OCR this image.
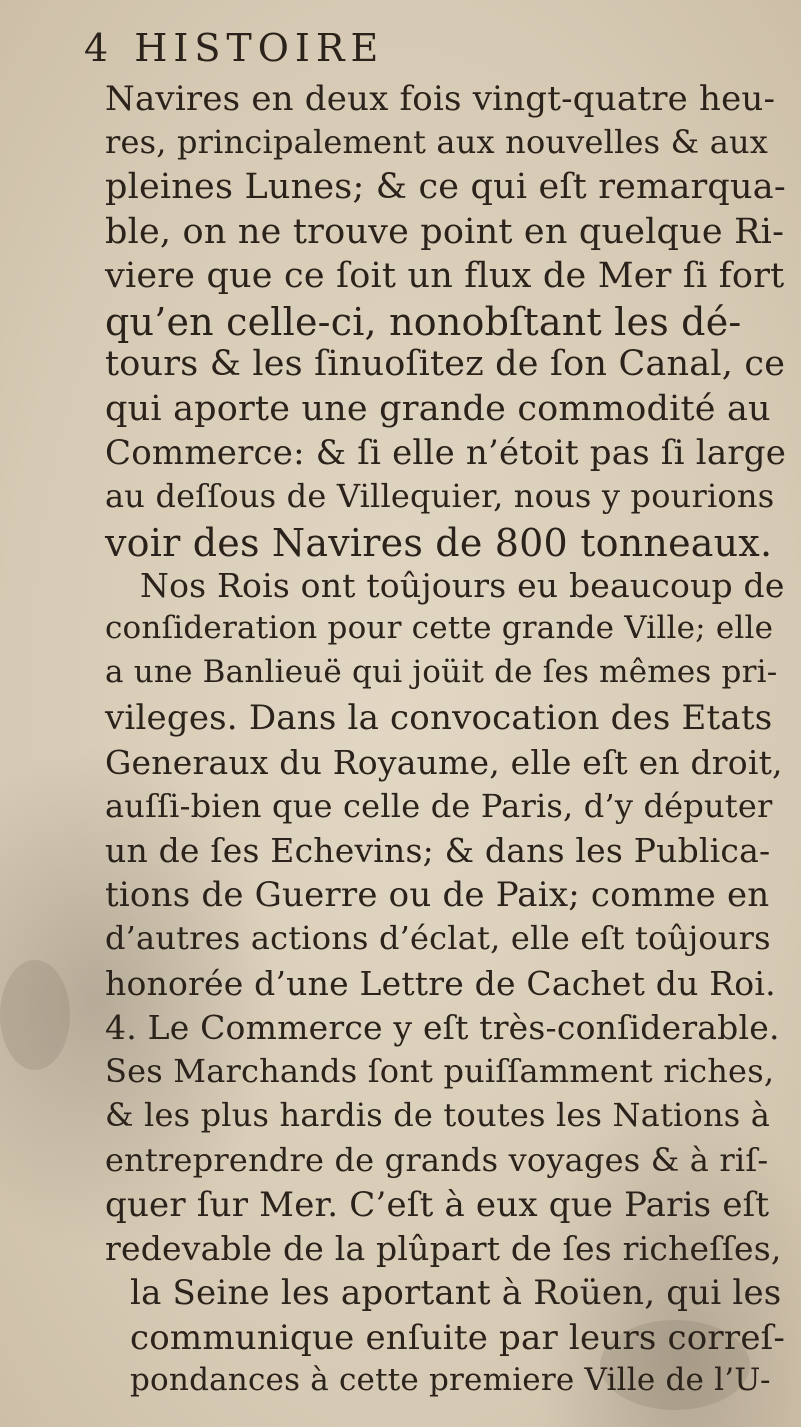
4 HISTOIRE

Navires en deux fois vingt-quatre heu-

res, principalement aux nouvelles & aux

pleines Lunes; & ce qui eſt remarqua-

ble, on ne trouve point en quelque Ri-

viere que ce ſoit un flux de Mer ſi fort

qu’en celle-ci, nonobſtant les dé-

tours & les ſinuoſitez de ſon Canal, ce

qui aporte une grande commodité au

Commerce: & ſi elle n’étoit pas ſi large

au deſſous de Villequier, nous y pourions

voir des Navires de 800 tonneaux.

Nos Rois ont toûjours eu beaucoup de

conſideration pour cette grande Ville; elle

a une Banlieuë qui joüit de ſes mêmes pri-

vileges. Dans la convocation des Etats

Generaux du Royaume, elle eſt en droit,

auſſi-bien que celle de Paris, d’y députer

un de ſes Echevins; & dans les Publica-

tions de Guerre ou de Paix; comme en

d’autres actions d’éclat, elle eſt toûjours

honorée d’une Lettre de Cachet du Roi.

4. Le Commerce y eſt très-conſiderable.

Ses Marchands ſont puiſſamment riches,

& les plus hardis de toutes les Nations à

entreprendre de grands voyages & à riſ-

quer ſur Mer. C’eſt à eux que Paris eſt

redevable de la plûpart de ſes richeſſes,

la Seine les aportant à Roüen, qui les

communique enſuite par leurs correſ-

pondances à cette premiere Ville de l’U-
